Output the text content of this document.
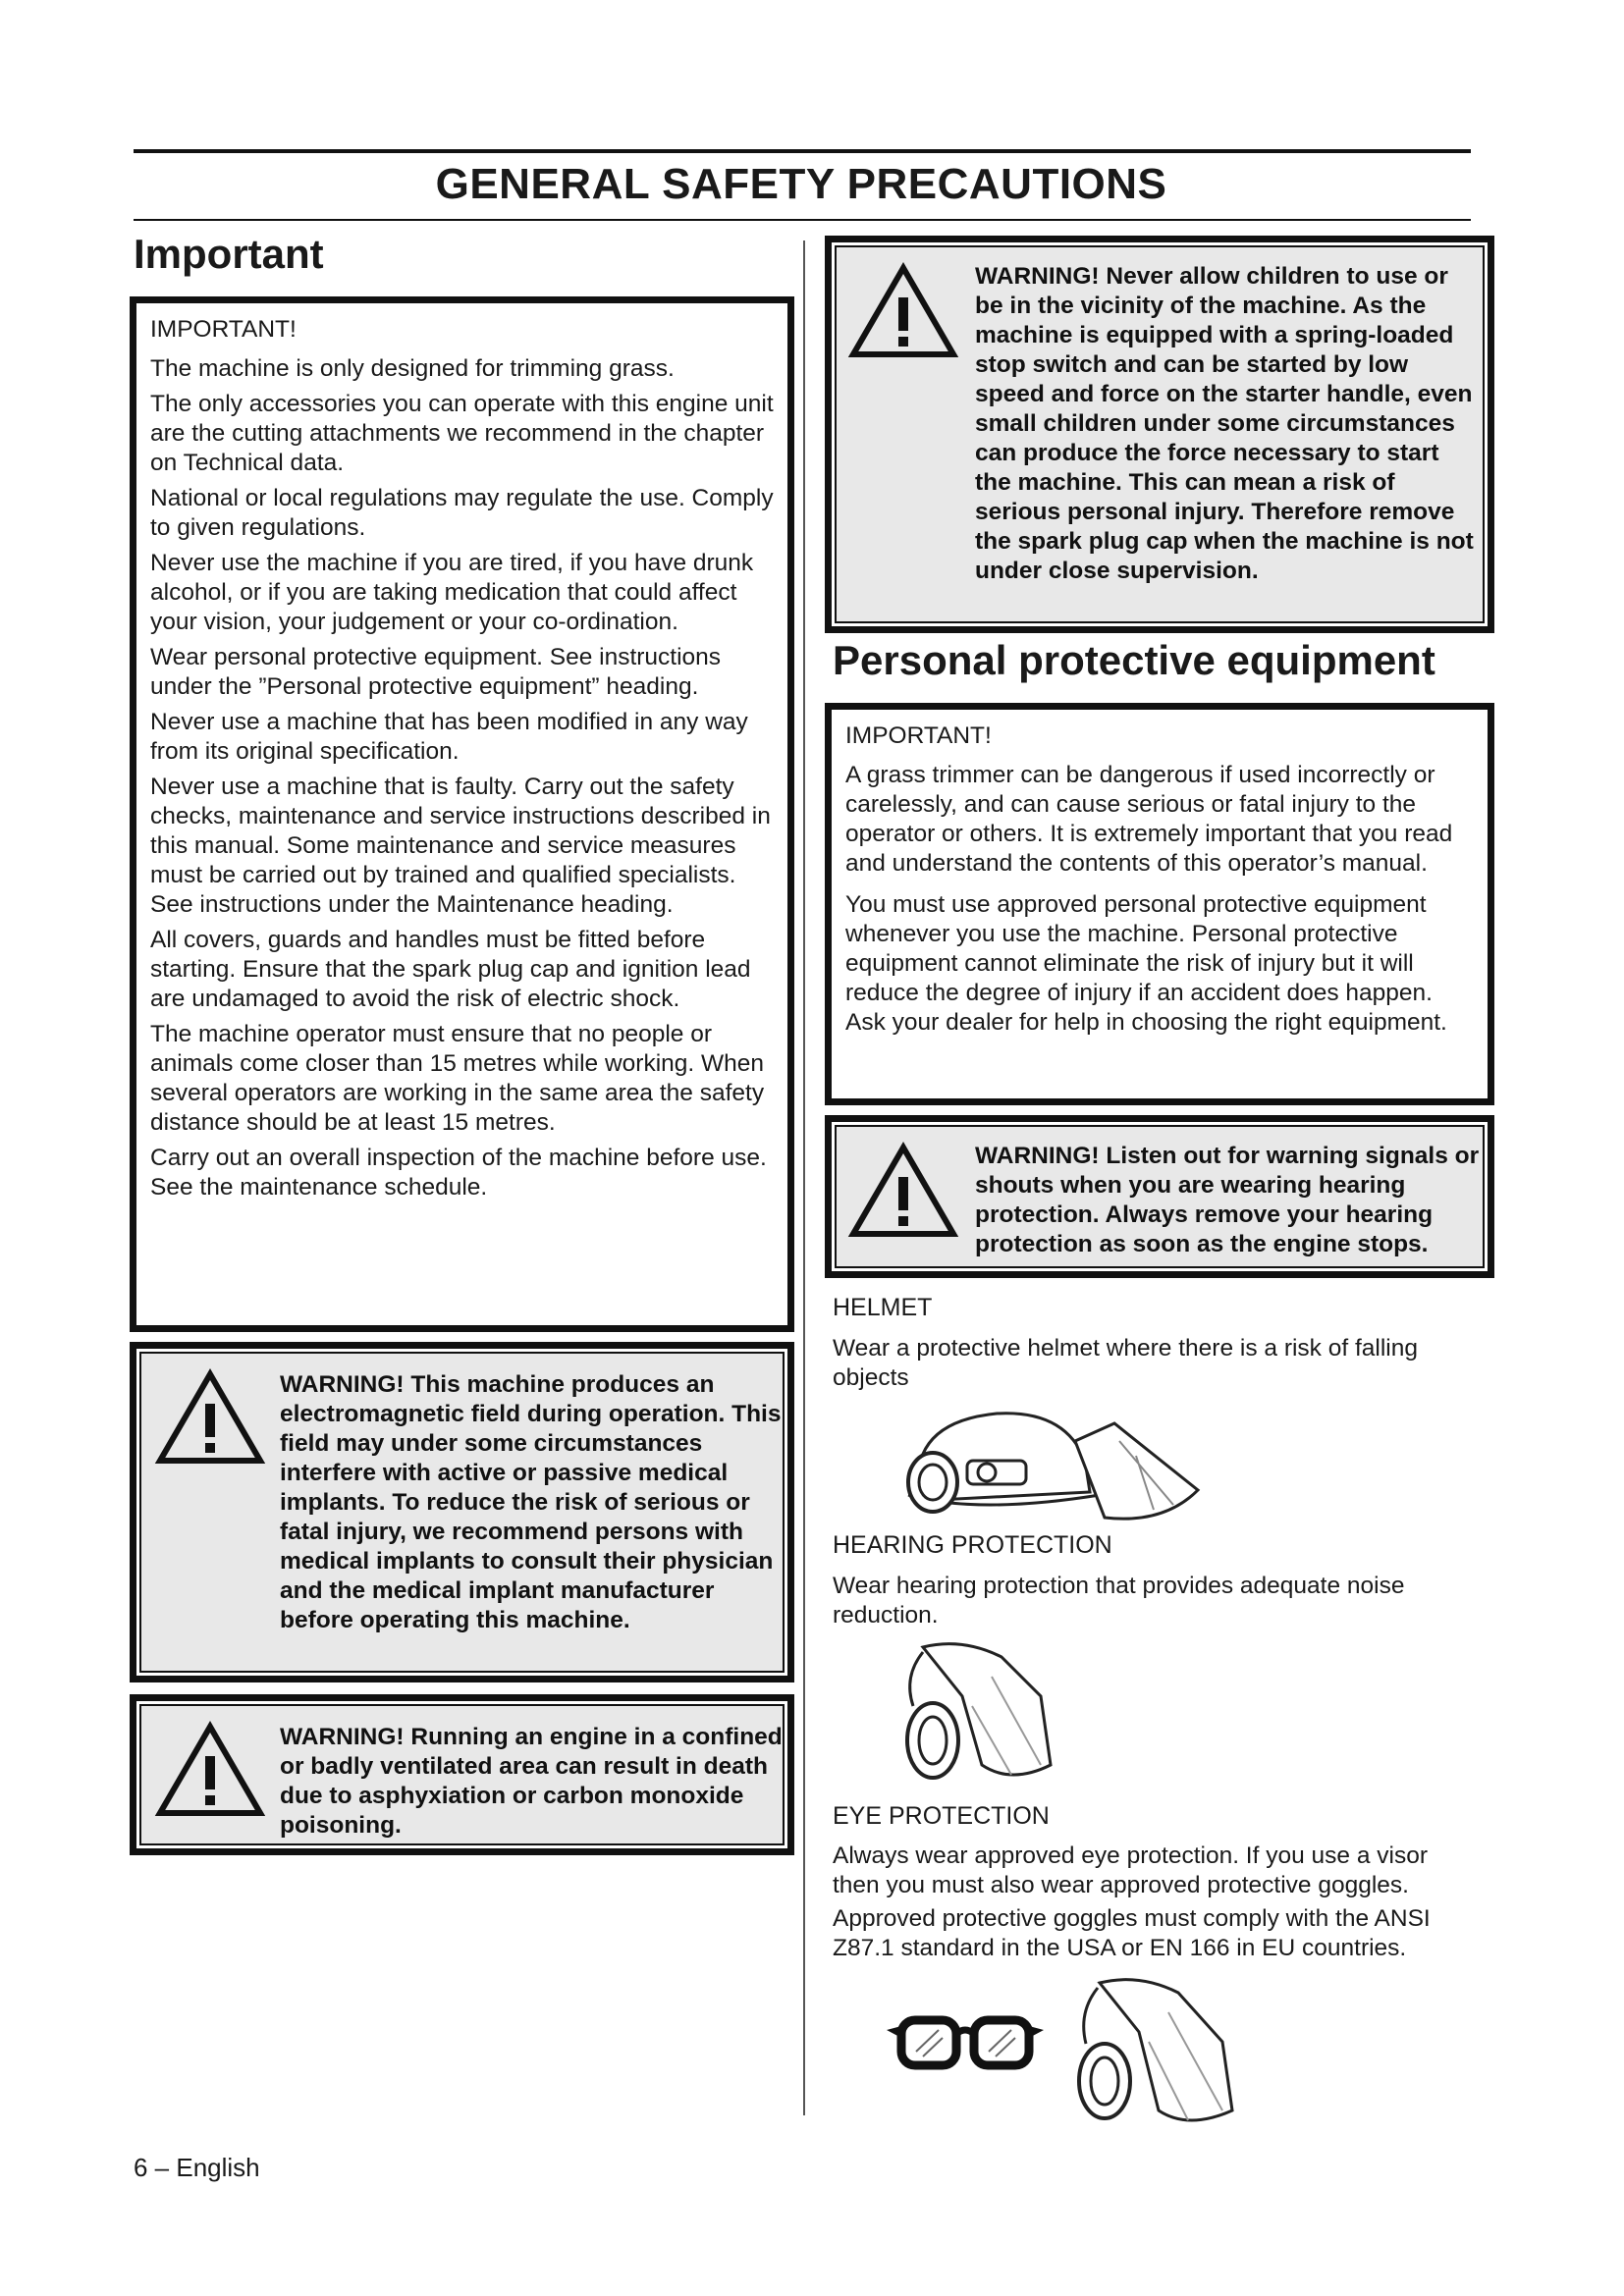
GENERAL SAFETY PRECAUTIONS
Important

IMPORTANT!

The machine is only designed for trimming grass.

The only accessories you can operate with this engine unit are the cutting attachments we recommend in the chapter on Technical data.

National or local regulations may regulate the use. Comply to given regulations.

Never use the machine if you are tired, if you have drunk alcohol, or if you are taking medication that could affect your vision, your judgement or your co-ordination.

Wear personal protective equipment. See instructions under the ”Personal protective equipment” heading.

Never use a machine that has been modified in any way from its original specification.

Never use a machine that is faulty. Carry out the safety checks, maintenance and service instructions described in this manual. Some maintenance and service measures must be carried out by trained and qualified specialists. See instructions under the Maintenance heading.

All covers, guards and handles must be fitted before starting. Ensure that the spark plug cap and ignition lead are undamaged to avoid the risk of electric shock.

The machine operator must ensure that no people or animals come closer than 15 metres while working. When several operators are working in the same area the safety distance should be at least 15 metres.

Carry out an overall inspection of the machine before use. See the maintenance schedule.

WARNING! This machine produces an electromagnetic field during operation. This field may under some circumstances interfere with active or passive medical implants. To reduce the risk of serious or fatal injury, we recommend persons with medical implants to consult their physician and the medical implant manufacturer before operating this machine.
WARNING! Running an engine in a confined or badly ventilated area can result in death due to asphyxiation or carbon monoxide poisoning.
WARNING! Never allow children to use or be in the vicinity of the machine. As the machine is equipped with a spring-loaded stop switch and can be started by low speed and force on the starter handle, even small children under some circumstances can produce the force necessary to start the machine. This can mean a risk of serious personal injury. Therefore remove the spark plug cap when the machine is not under close supervision.
Personal protective equipment

IMPORTANT!

A grass trimmer can be dangerous if used incorrectly or carelessly, and can cause serious or fatal injury to the operator or others. It is extremely important that you read and understand the contents of this operator’s manual.

You must use approved personal protective equipment whenever you use the machine. Personal protective equipment cannot eliminate the risk of injury but it will reduce the degree of injury if an accident does happen. Ask your dealer for help in choosing the right equipment.

WARNING! Listen out for warning signals or shouts when you are wearing hearing protection. Always remove your hearing protection as soon as the engine stops.
HELMET
Wear a protective helmet where there is a risk of falling objects
HEARING PROTECTION
Wear hearing protection that provides adequate noise reduction.
EYE PROTECTION

Always wear approved eye protection. If you use a visor then you must also wear approved protective goggles.

Approved protective goggles must comply with the ANSI Z87.1 standard in the USA or EN 166 in EU countries.

6 – English
